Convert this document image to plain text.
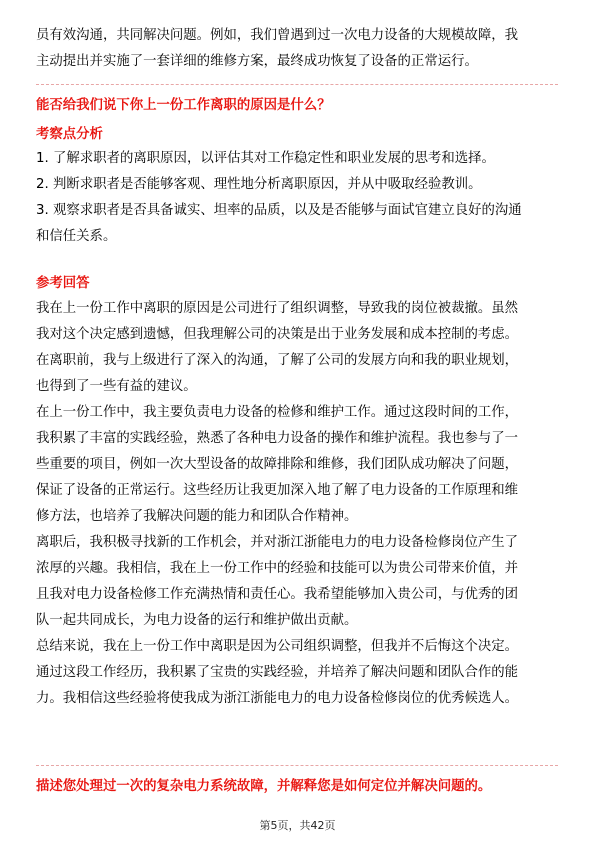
员有效沟通，共同解决问题。例如，我们曾遇到过一次电力设备的大规模故障，我
主动提出并实施了一套详细的维修方案，最终成功恢复了设备的正常运行。
能否给我们说下你上一份工作离职的原因是什么？
考察点分析
1. 了解求职者的离职原因，以评估其对工作稳定性和职业发展的思考和选择。
2. 判断求职者是否能够客观、理性地分析离职原因，并从中吸取经验教训。
3. 观察求职者是否具备诚实、坦率的品质，以及是否能够与面试官建立良好的沟通
和信任关系。
参考回答
我在上一份工作中离职的原因是公司进行了组织调整，导致我的岗位被裁撤。虽然
我对这个决定感到遗憾，但我理解公司的决策是出于业务发展和成本控制的考虑。
在离职前，我与上级进行了深入的沟通，了解了公司的发展方向和我的职业规划，
也得到了一些有益的建议。
在上一份工作中，我主要负责电力设备的检修和维护工作。通过这段时间的工作，
我积累了丰富的实践经验，熟悉了各种电力设备的操作和维护流程。我也参与了一
些重要的项目，例如一次大型设备的故障排除和维修，我们团队成功解决了问题，
保证了设备的正常运行。这些经历让我更加深入地了解了电力设备的工作原理和维
修方法，也培养了我解决问题的能力和团队合作精神。
离职后，我积极寻找新的工作机会，并对浙江浙能电力的电力设备检修岗位产生了
浓厚的兴趣。我相信，我在上一份工作中的经验和技能可以为贵公司带来价值，并
且我对电力设备检修工作充满热情和责任心。我希望能够加入贵公司，与优秀的团
队一起共同成长，为电力设备的运行和维护做出贡献。
总结来说，我在上一份工作中离职是因为公司组织调整，但我并不后悔这个决定。
通过这段工作经历，我积累了宝贵的实践经验，并培养了解决问题和团队合作的能
力。我相信这些经验将使我成为浙江浙能电力的电力设备检修岗位的优秀候选人。
描述您处理过一次的复杂电力系统故障，并解释您是如何定位并解决问题的。
第5页，共42页
